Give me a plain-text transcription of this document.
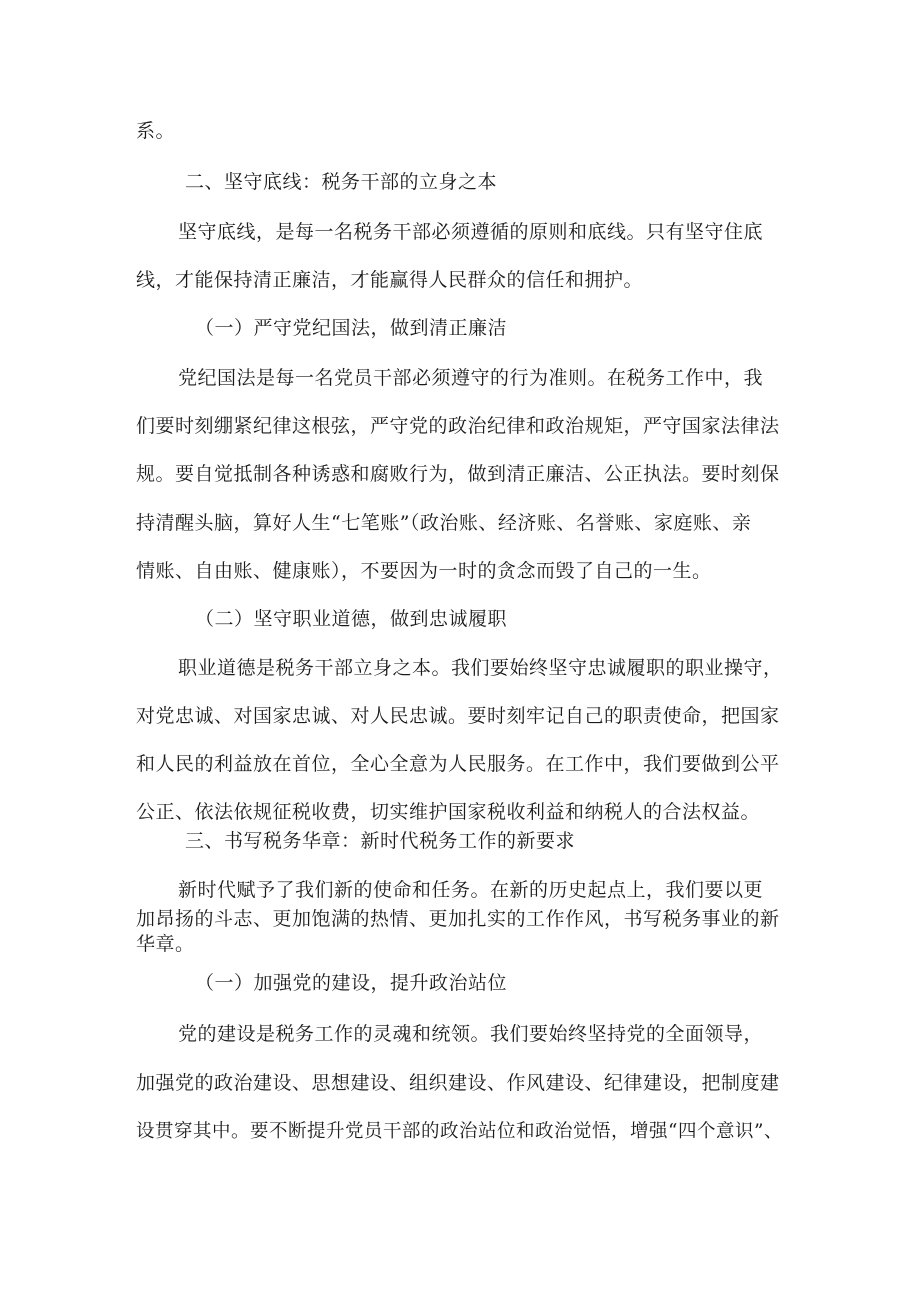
系。

二、坚守底线：税务干部的立身之本

坚守底线，是每一名税务干部必须遵循的原则和底线。只有坚守住底

线，才能保持清正廉洁，才能赢得人民群众的信任和拥护。

（一）严守党纪国法，做到清正廉洁

党纪国法是每一名党员干部必须遵守的行为准则。在税务工作中，我

们要时刻绷紧纪律这根弦，严守党的政治纪律和政治规矩，严守国家法律法

规。要自觉抵制各种诱惑和腐败行为，做到清正廉洁、公正执法。要时刻保

持清醒头脑，算好人生“七笔账”（政治账、经济账、名誉账、家庭账、亲

情账、自由账、健康账），不要因为一时的贪念而毁了自己的一生。

（二）坚守职业道德，做到忠诚履职

职业道德是税务干部立身之本。我们要始终坚守忠诚履职的职业操守，

对党忠诚、对国家忠诚、对人民忠诚。要时刻牢记自己的职责使命，把国家

和人民的利益放在首位，全心全意为人民服务。在工作中，我们要做到公平

公正、依法依规征税收费，切实维护国家税收利益和纳税人的合法权益。

三、书写税务华章：新时代税务工作的新要求

新时代赋予了我们新的使命和任务。在新的历史起点上，我们要以更

加昂扬的斗志、更加饱满的热情、更加扎实的工作作风，书写税务事业的新

华章。

（一）加强党的建设，提升政治站位

党的建设是税务工作的灵魂和统领。我们要始终坚持党的全面领导，

加强党的政治建设、思想建设、组织建设、作风建设、纪律建设，把制度建

设贯穿其中。要不断提升党员干部的政治站位和政治觉悟，增强“四个意识”、
